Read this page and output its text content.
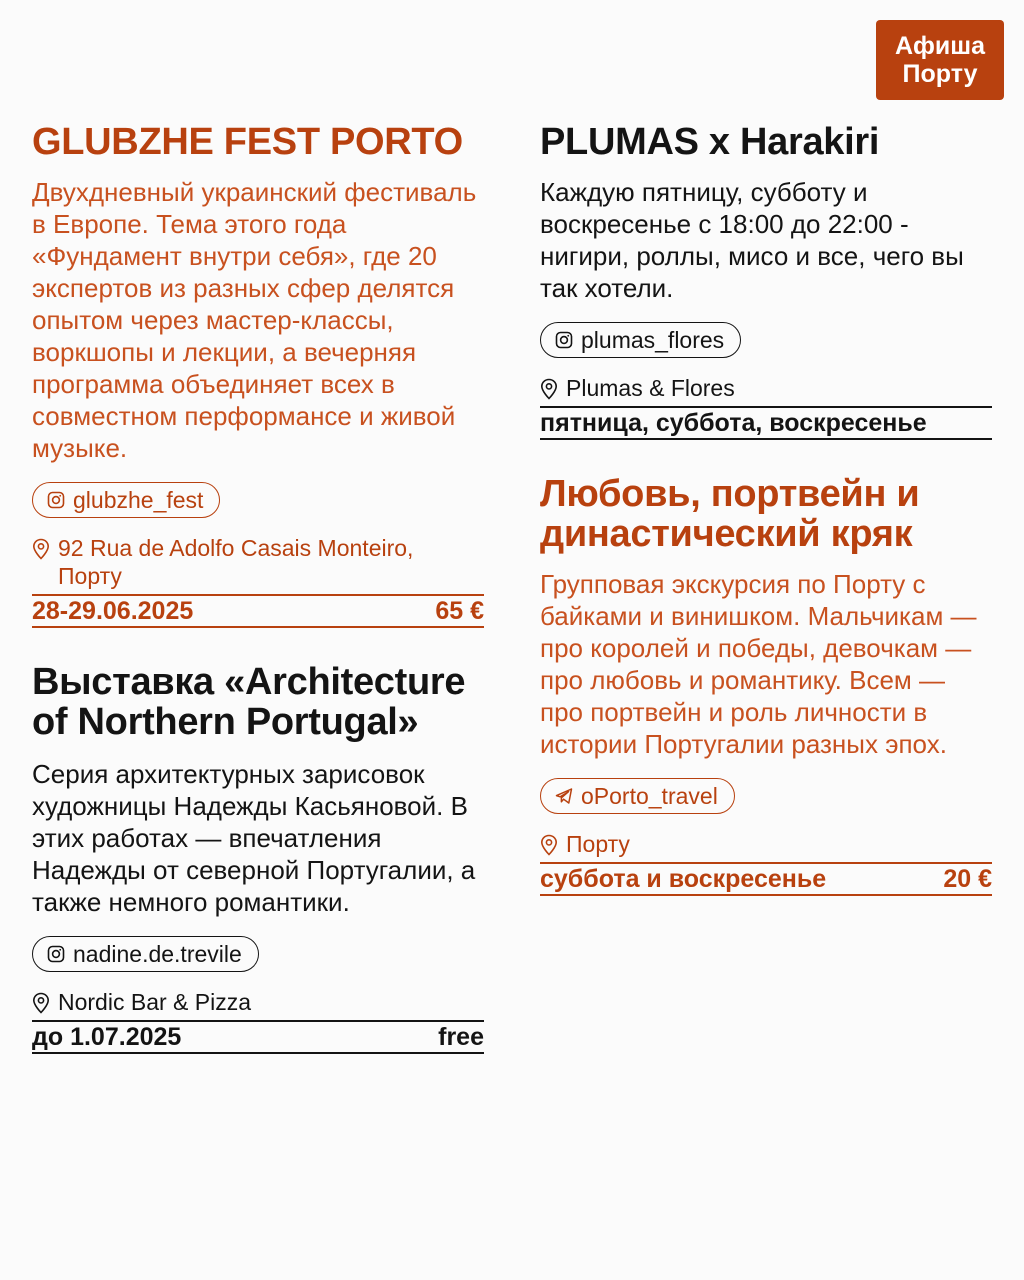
Афиша
Порту
GLUBZHE FEST PORTO

Двухдневный украинский фестиваль в Европе. Тема этого года «Фундамент внутри себя», где 20 экспертов из разных сфер делятся опытом через мастер-классы, воркшопы и лекции, а вечерняя программа объединяет всех в совместном перформансе и живой музыке.

glubzhe_fest
92 Rua de Adolfo Casais Monteiro, Порту
28-29.06.2025	65 €
Выставка «Architecture of Northern Portugal»

Серия архитектурных зарисовок художницы Надежды Касьяновой. В этих работах — впечатления Надежды от северной Португалии, а также немного романтики.

nadine.de.trevile
Nordic Bar & Pizza
до 1.07.2025	free
PLUMAS x Harakiri

Каждую пятницу, субботу и воскресенье с 18:00 до 22:00 - нигири, роллы, мисо и все, чего вы так хотели.

plumas_flores
Plumas & Flores
пятница, суббота, воскресенье
Любовь, портвейн и династический кряк

Групповая экскурсия по Порту с байками и винишком. Мальчикам — про королей и победы, девочкам — про любовь и романтику. Всем — про портвейн и роль личности в истории Португалии разных эпох.

oPorto_travel
Порту
суббота и воскресенье	20 €
